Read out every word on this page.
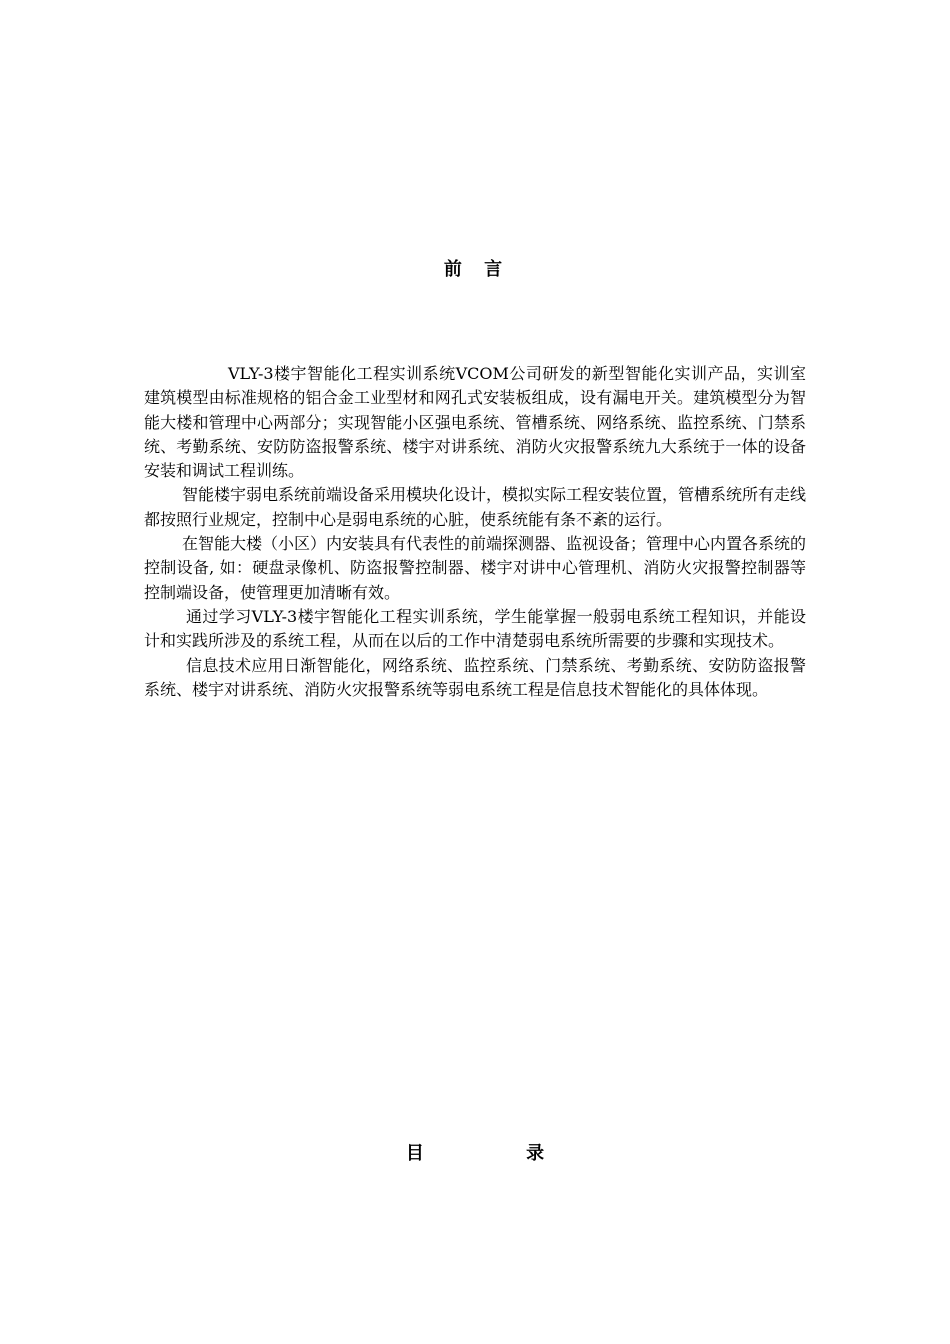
前 言

VLY-3楼宇智能化工程实训系统VCOM公司研发的新型智能化实训产品，实训室建筑模型由标准规格的铝合金工业型材和网孔式安装板组成，设有漏电开关。建筑模型分为智能大楼和管理中心两部分；实现智能小区强电系统、管槽系统、网络系统、监控系统、门禁系统、考勤系统、安防防盗报警系统、楼宇对讲系统、消防火灾报警系统九大系统于一体的设备安装和调试工程训练。

智能楼宇弱电系统前端设备采用模块化设计，模拟实际工程安装位置，管槽系统所有走线都按照行业规定，控制中心是弱电系统的心脏，使系统能有条不紊的运行。

在智能大楼（小区）内安装具有代表性的前端探测器、监视设备；管理中心内置各系统的控制设备, 如：硬盘录像机、防盗报警控制器、楼宇对讲中心管理机、消防火灾报警控制器等控制端设备，使管理更加清晰有效。

通过学习VLY-3楼宇智能化工程实训系统，学生能掌握一般弱电系统工程知识，并能设计和实践所涉及的系统工程，从而在以后的工作中清楚弱电系统所需要的步骤和实现技术。

信息技术应用日渐智能化，网络系统、监控系统、门禁系统、考勤系统、安防防盗报警系统、楼宇对讲系统、消防火灾报警系统等弱电系统工程是信息技术智能化的具体体现。

目 录
